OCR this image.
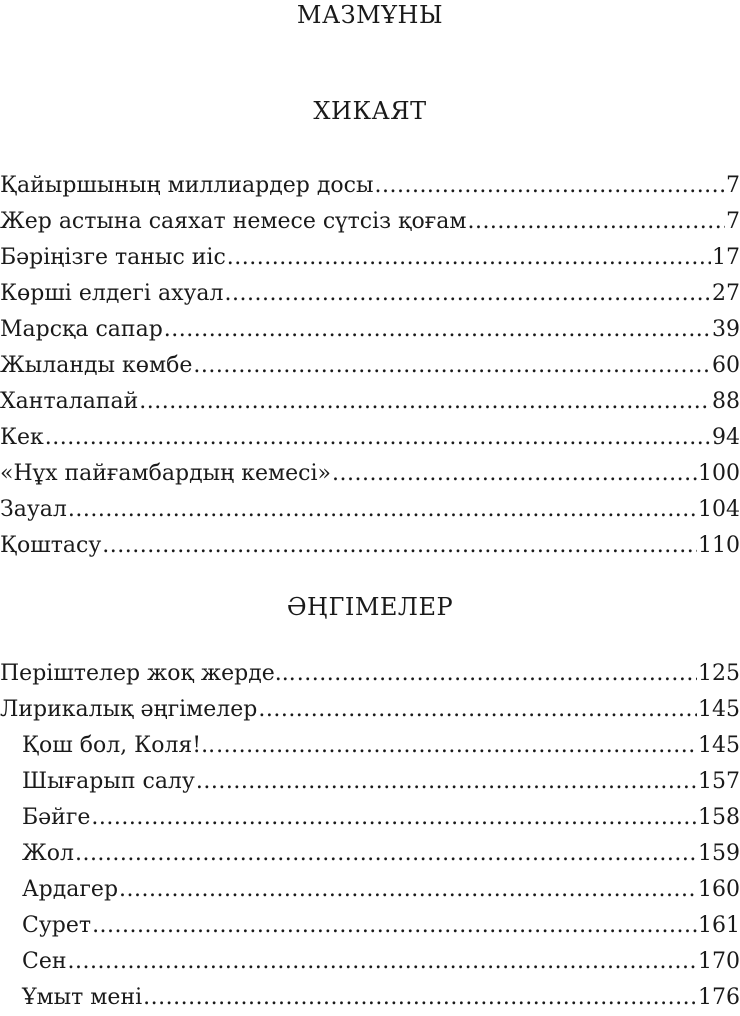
МАЗМҰНЫ
ХИКАЯТ
Қайыршының миллиардер досы .....	7
Жер астына саяхат немесе сүтсіз қоғам .....	7
Бәріңізге таныс иіс .....	17
Көрші елдегі ахуал .....	27
Марсқа сапар .....	39
Жыланды көмбе .....	60
Ханталапай .....	88
Кек .....	94
«Нұх пайғамбардың кемесі» .....	100
Зауал .....	104
Қоштасу .....	110
ӘҢГІМЕЛЕР
Періштелер жоқ жерде... .....	125
Лирикалық әңгімелер .....	145
Қош бол, Коля!.. .....	145
Шығарып салу .....	157
Бәйге .....	158
Жол .....	159
Ардагер .....	160
Сурет .....	161
Сен .....	170
Ұмыт мені .....	176
